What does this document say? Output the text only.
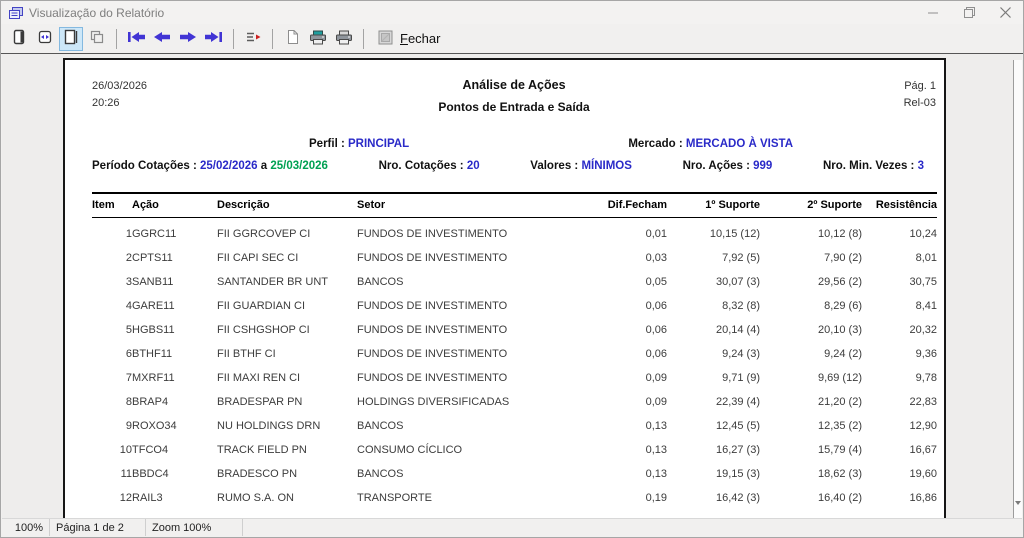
Visualização do Relatório
Fechar
26/03/2026
20:26
Análise de Ações
Pontos de Entrada e Saída
Pág. 1
Rel-03
Perfil : PRINCIPAL	Mercado : MERCADO À VISTA
Período Cotações : 25/02/2026 a 25/03/2026	Nro. Cotações : 20	Valores : MÍNIMOS	Nro. Ações : 999	Nro. Min. Vezes : 3
Item	Ação	Descrição	Setor	Dif.Fecham	1º Suporte	2º Suporte	Resistência
1	GGRC11	FII GGRCOVEP CI	FUNDOS DE INVESTIMENTO	0,01	10,15 (12)	10,12 (8)	10,24
2	CPTS11	FII CAPI SEC CI	FUNDOS DE INVESTIMENTO	0,03	7,92 (5)	7,90 (2)	8,01
3	SANB11	SANTANDER BR UNT	BANCOS	0,05	30,07 (3)	29,56 (2)	30,75
4	GARE11	FII GUARDIAN CI	FUNDOS DE INVESTIMENTO	0,06	8,32 (8)	8,29 (6)	8,41
5	HGBS11	FII CSHGSHOP CI	FUNDOS DE INVESTIMENTO	0,06	20,14 (4)	20,10 (3)	20,32
6	BTHF11	FII BTHF CI	FUNDOS DE INVESTIMENTO	0,06	9,24 (3)	9,24 (2)	9,36
7	MXRF11	FII MAXI REN CI	FUNDOS DE INVESTIMENTO	0,09	9,71 (9)	9,69 (12)	9,78
8	BRAP4	BRADESPAR PN	HOLDINGS DIVERSIFICADAS	0,09	22,39 (4)	21,20 (2)	22,83
9	ROXO34	NU HOLDINGS DRN	BANCOS	0,13	12,45 (5)	12,35 (2)	12,90
10	TFCO4	TRACK FIELD PN	CONSUMO CÍCLICO	0,13	16,27 (3)	15,79 (4)	16,67
11	BBDC4	BRADESCO PN	BANCOS	0,13	19,15 (3)	18,62 (3)	19,60
12	RAIL3	RUMO S.A. ON	TRANSPORTE	0,19	16,42 (3)	16,40 (2)	16,86
100%	Página 1 de 2	Zoom 100%
